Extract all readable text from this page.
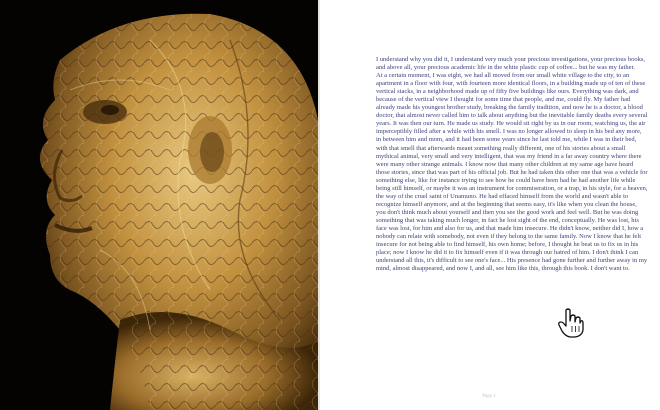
I understand why you did it, I understand very much your precious investigations, your precious books, and above all, your precious academic life in the white plastic cup of coffee... but he was my father.

At a certain moment, I was eight, we had all moved from our small white village to the city, to an apartment in a floor with four, with fourteen more identical floors, in a building made up of ten of these vertical stacks, in a neighborhood made up of fifty five buildings like ours. Everything was dark, and because of the vertical view I thought for some time that people, and me, could fly. My father had already made his youngest brother study, breaking the family tradition, and now he is a doctor, a blood doctor, that almost never called him to talk about anything but the inevitable family deaths every several years. It was then our turn. He made us study. He would sit right by us in our room, watching us, the air imperceptibly filled after a while with his smell. I was no longer allowed to sleep in his bed any more, in between him and mom, and it had been some years since he last told me, while I was in their bed, with that smell that afterwards meant something really different, one of his stories about a small mythical animal, very small and very intelligent, that was my friend in a far away country where there were many other strange animals. I know now that many other children at my same age have heard those stories, since that was part of his official job. But he had taken this other one that was a vehicle for something else, like for instance trying to see how he could have been had he had another life while being still himself, or maybe it was an instrument for commiseration, or a trap, in his style, for a heaven, the way of the cruel saint of Unamuno. He had effaced himself from the world and wasn't able to recognize himself anymore, and at the beginning that seems easy, it's like when you clean the house, you don't think much about yourself and then you see the good work and feel well. But he was doing something that was taking much longer, in fact he lost sight of the end, conceptually. He was lost, his face was lost, for him and also for us, and that made him insecure. He didn't know, neither did I, how a nobody can relate with somebody, not even if they belong to the same family. Now I know that he felt insecure for not being able to find himself, his own home; before, I thought he beat us to fix us in his place; now I know he did it to fix himself even if it was through our hatred of him. I don't think I can understand all this, it's difficult to see one's face... His presence had gone further and further away in my mind, almost disappeared, and now I, and all, see him like this, through this book. I don't want to.

Page 1
